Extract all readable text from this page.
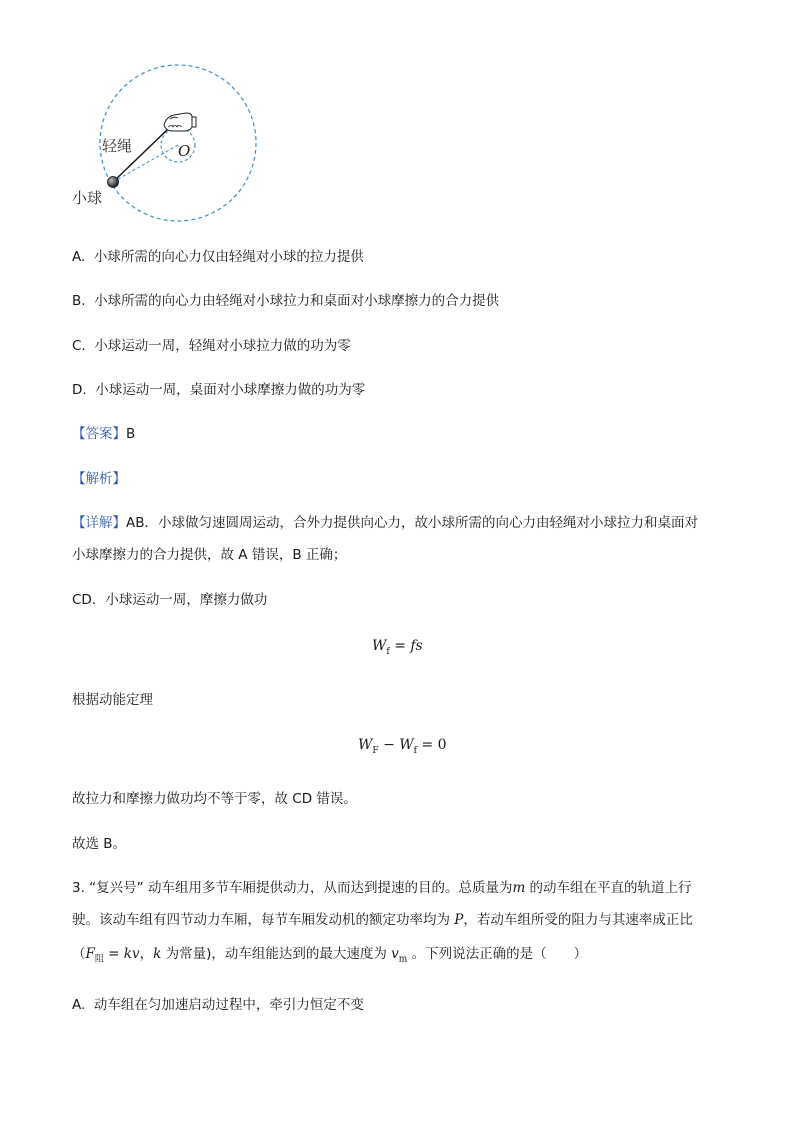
轻绳	O
小球
A. 小球所需的向心力仅由轻绳对小球的拉力提供
B. 小球所需的向心力由轻绳对小球拉力和桌面对小球摩擦力的合力提供
C. 小球运动一周，轻绳对小球拉力做的功为零
D. 小球运动一周，桌面对小球摩擦力做的功为零
【答案】B
【解析】
【详解】AB．小球做匀速圆周运动，合外力提供向心力，故小球所需的向心力由轻绳对小球拉力和桌面对
小球摩擦力的合力提供，故 A 错误，B 正确；
CD．小球运动一周，摩擦力做功
$W_f$ = fs
根据动能定理
$W_F - W_f = 0$
故拉力和摩擦力做功均不等于零，故 CD 错误。
故选 B。
3. “复兴号” 动车组用多节车厢提供动力，从而达到提速的目的。总质量为m 的动车组在平直的轨道上行
驶。该动车组有四节动力车厢，每节车厢发动机的额定功率均为 P，若动车组所受的阻力与其速率成正比
（$F_阻$ = kv，k 为常量)，动车组能达到的最大速度为 $v_m$ 。下列说法正确的是（　　）
A. 动车组在匀加速启动过程中，牵引力恒定不变
